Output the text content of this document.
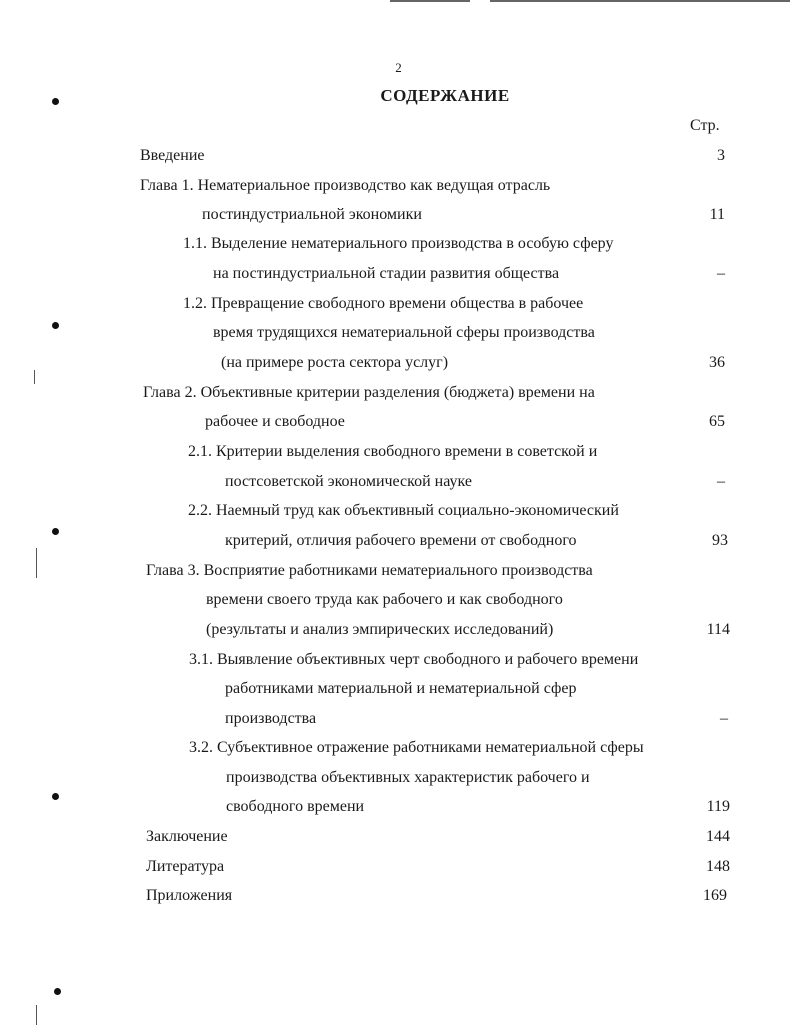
2
СОДЕРЖАНИЕ
Стр.
Введение	3
Глава 1. Нематериальное производство как ведущая отрасль
постиндустриальной экономики	11
1.1. Выделение нематериального производства в особую сферу
на постиндустриальной стадии развития общества	–
1.2. Превращение свободного времени общества в рабочее
время трудящихся нематериальной сферы производства
(на примере роста сектора услуг)	36
Глава 2. Объективные критерии разделения (бюджета) времени на
рабочее и свободное	65
2.1. Критерии выделения свободного времени в советской и
постсоветской экономической науке	–
2.2. Наемный труд как объективный социально-экономический
критерий, отличия рабочего времени от свободного	93
Глава 3. Восприятие работниками нематериального производства
времени своего труда как рабочего и как свободного
(результаты и анализ эмпирических исследований)	114
3.1. Выявление объективных черт свободного и рабочего времени
работниками материальной и нематериальной сфер
производства	–
3.2. Субъективное отражение работниками нематериальной сферы
производства объективных характеристик рабочего и
свободного времени	119
Заключение	144
Литература	148
Приложения	169
